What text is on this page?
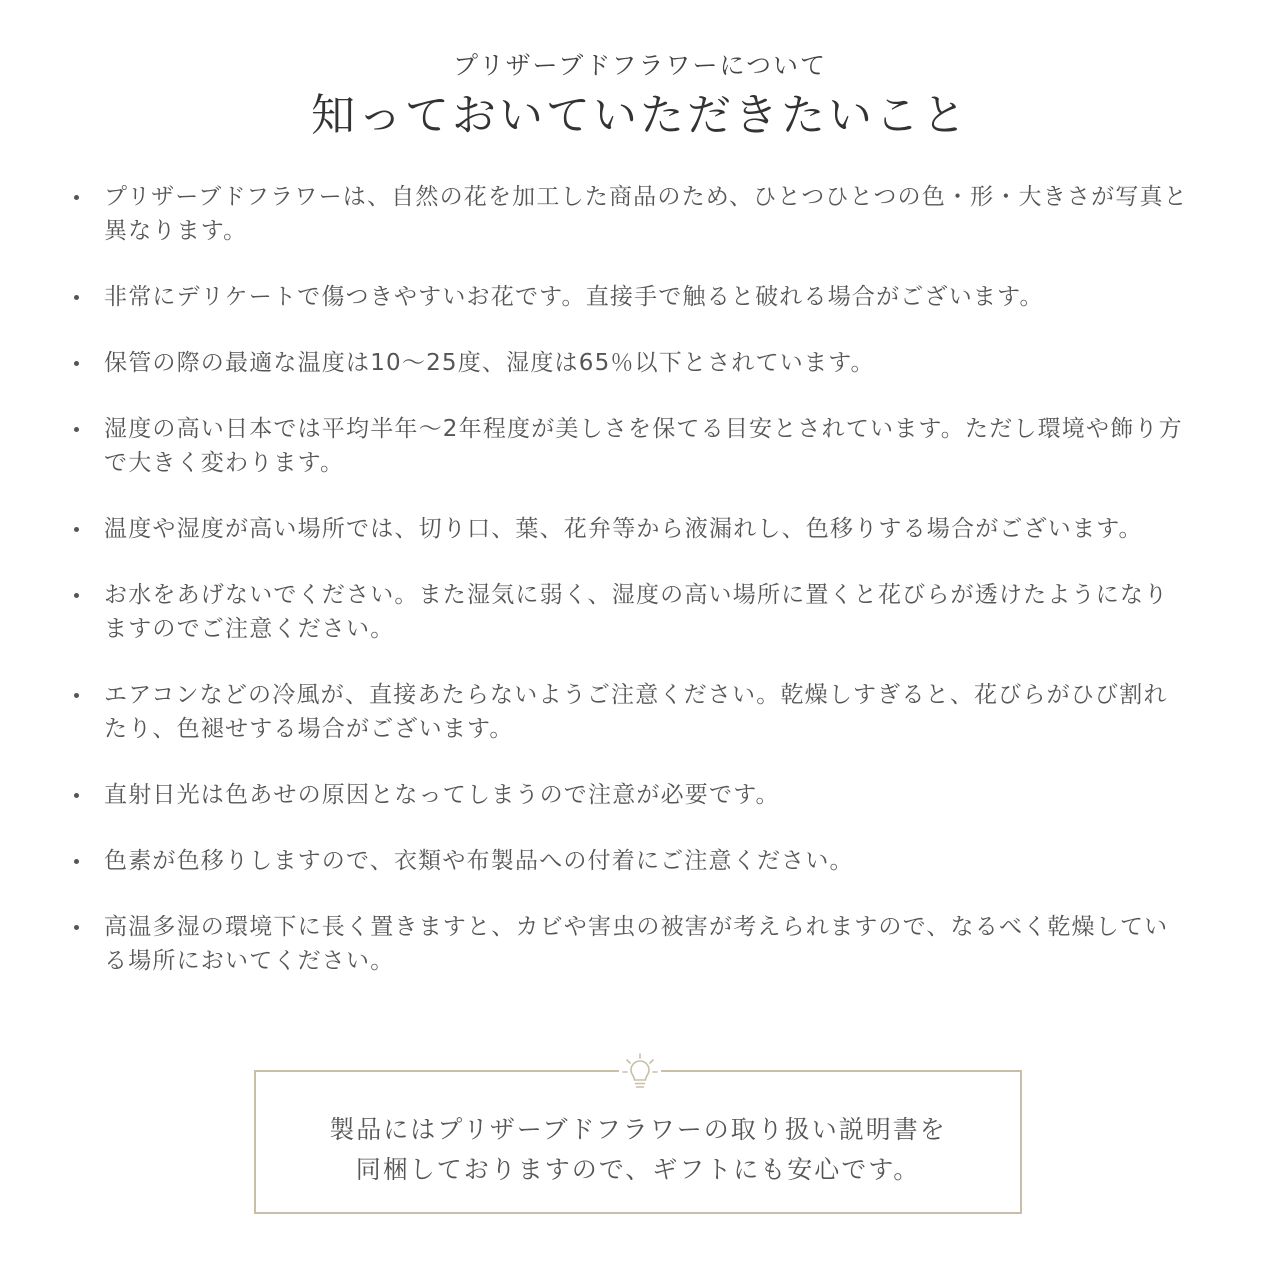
プリザーブドフラワーについて
知っておいていただきたいこと
プリザーブドフラワーは、自然の花を加工した商品のため、ひとつひとつの色・形・大きさが写真と異なります。
非常にデリケートで傷つきやすいお花です。直接手で触ると破れる場合がございます。
保管の際の最適な温度は10～25度、湿度は65％以下とされています。
湿度の高い日本では平均半年～2年程度が美しさを保てる目安とされています。ただし環境や飾り方で大きく変わります。
温度や湿度が高い場所では、切り口、葉、花弁等から液漏れし、色移りする場合がございます。
お水をあげないでください。また湿気に弱く、湿度の高い場所に置くと花びらが透けたようになりますのでご注意ください。
エアコンなどの冷風が、直接あたらないようご注意ください。乾燥しすぎると、花びらがひび割れたり、色褪せする場合がございます。
直射日光は色あせの原因となってしまうので注意が必要です。
色素が色移りしますので、衣類や布製品への付着にご注意ください。
高温多湿の環境下に長く置きますと、カビや害虫の被害が考えられますので、なるべく乾燥している場所においてください。
製品にはプリザーブドフラワーの取り扱い説明書を
同梱しておりますので、ギフトにも安心です。
